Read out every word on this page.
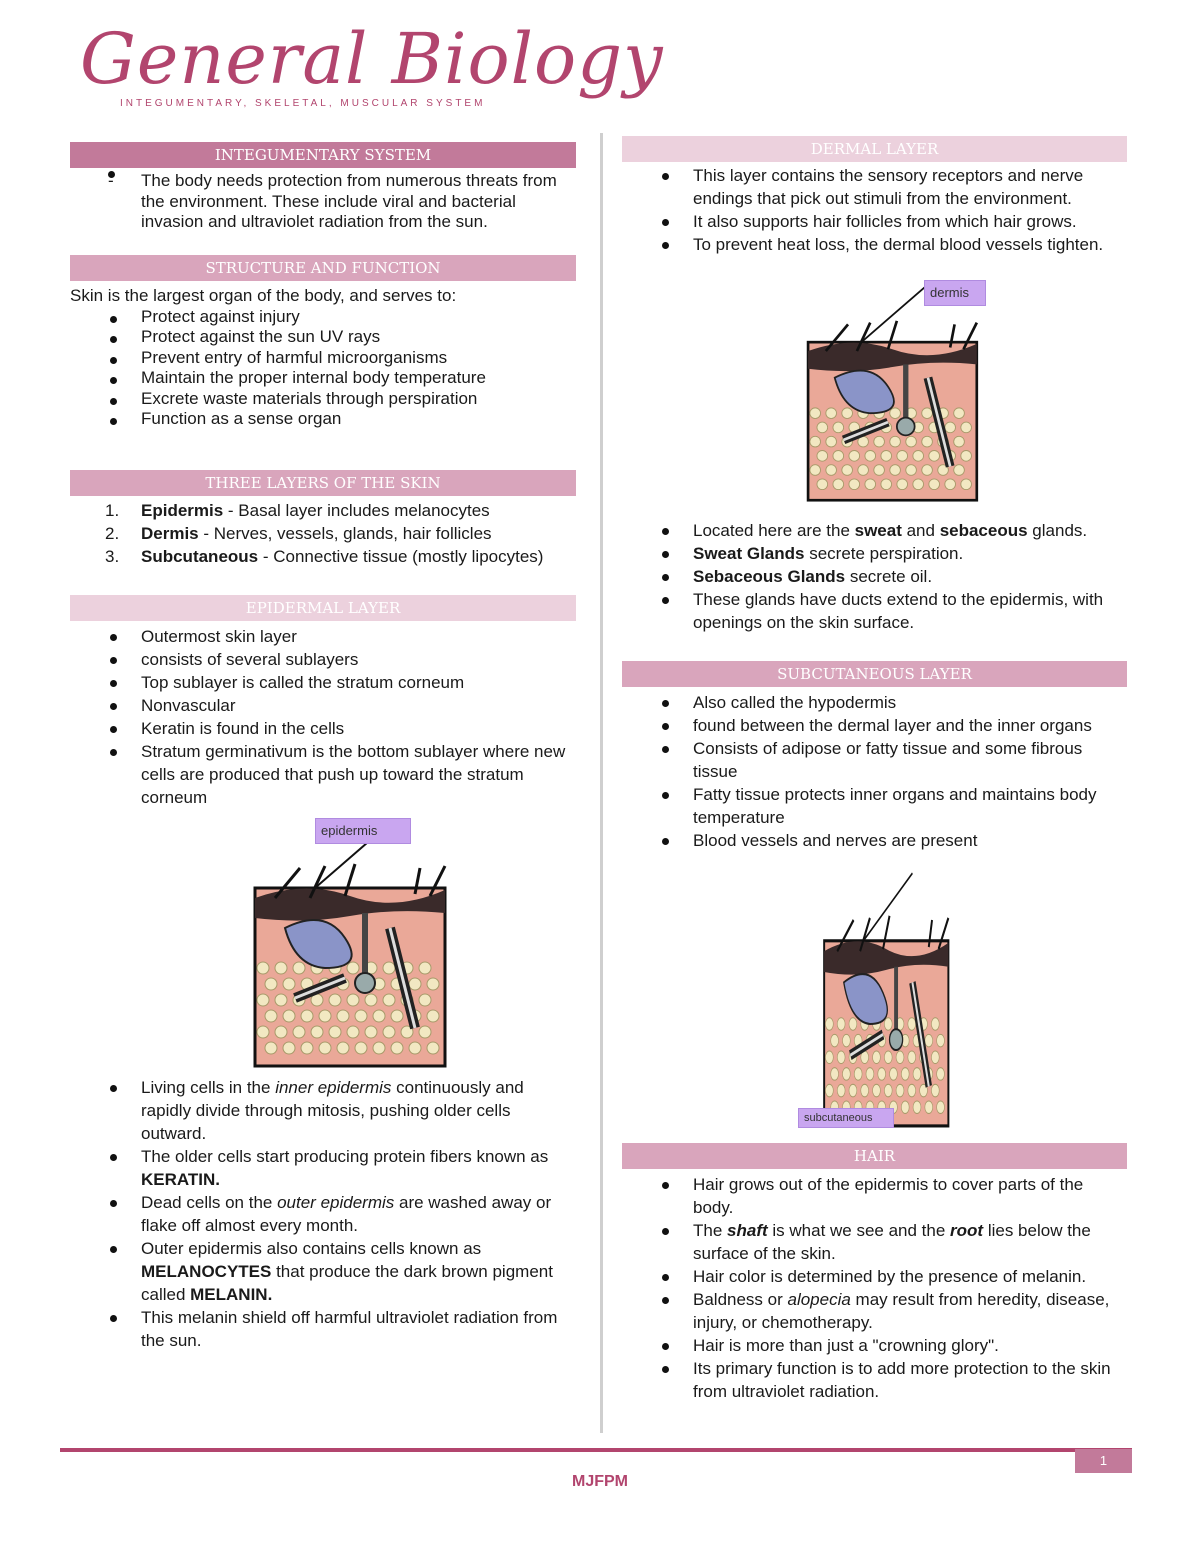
General Biology
INTEGUMENTARY, SKELETAL, MUSCULAR SYSTEM
INTEGUMENTARY SYSTEM
- The body needs protection from numerous threats from the environment. These include viral and bacterial invasion and ultraviolet radiation from the sun.
STRUCTURE AND FUNCTION
Skin is the largest organ of the body, and serves to:
Protect against injury
Protect against the sun UV rays
Prevent entry of harmful microorganisms
Maintain the proper internal body temperature
Excrete waste materials through perspiration
Function as a sense organ
THREE LAYERS OF THE SKIN
1. Epidermis - Basal layer includes melanocytes
2. Dermis - Nerves, vessels, glands, hair follicles
3. Subcutaneous - Connective tissue (mostly lipocytes)
EPIDERMAL LAYER
Outermost skin layer
consists of several sublayers
Top sublayer is called the stratum corneum
Nonvascular
Keratin is found in the cells
Stratum germinativum is the bottom sublayer where new cells are produced that push up toward the stratum corneum
epidermis
Living cells in the inner epidermis continuously and rapidly divide through mitosis, pushing older cells outward.
The older cells start producing protein fibers known as KERATIN.
Dead cells on the outer epidermis are washed away or flake off almost every month.
Outer epidermis also contains cells known as MELANOCYTES that produce the dark brown pigment called MELANIN.
This melanin shield off harmful ultraviolet radiation from the sun.
DERMAL LAYER
This layer contains the sensory receptors and nerve endings that pick out stimuli from the environment.
It also supports hair follicles from which hair grows.
To prevent heat loss, the dermal blood vessels tighten.
dermis
Located here are the sweat and sebaceous glands.
Sweat Glands secrete perspiration.
Sebaceous Glands secrete oil.
These glands have ducts extend to the epidermis, with openings on the skin surface.
SUBCUTANEOUS LAYER
Also called the hypodermis
found between the dermal layer and the inner organs
Consists of adipose or fatty tissue and some fibrous tissue
Fatty tissue protects inner organs and maintains body temperature
Blood vessels and nerves are present
subcutaneous
HAIR
Hair grows out of the epidermis to cover parts of the body.
The shaft is what we see and the root lies below the surface of the skin.
Hair color is determined by the presence of melanin.
Baldness or alopecia may result from heredity, disease, injury, or chemotherapy.
Hair is more than just a "crowning glory".
Its primary function is to add more protection to the skin from ultraviolet radiation.
1
MJFPM
